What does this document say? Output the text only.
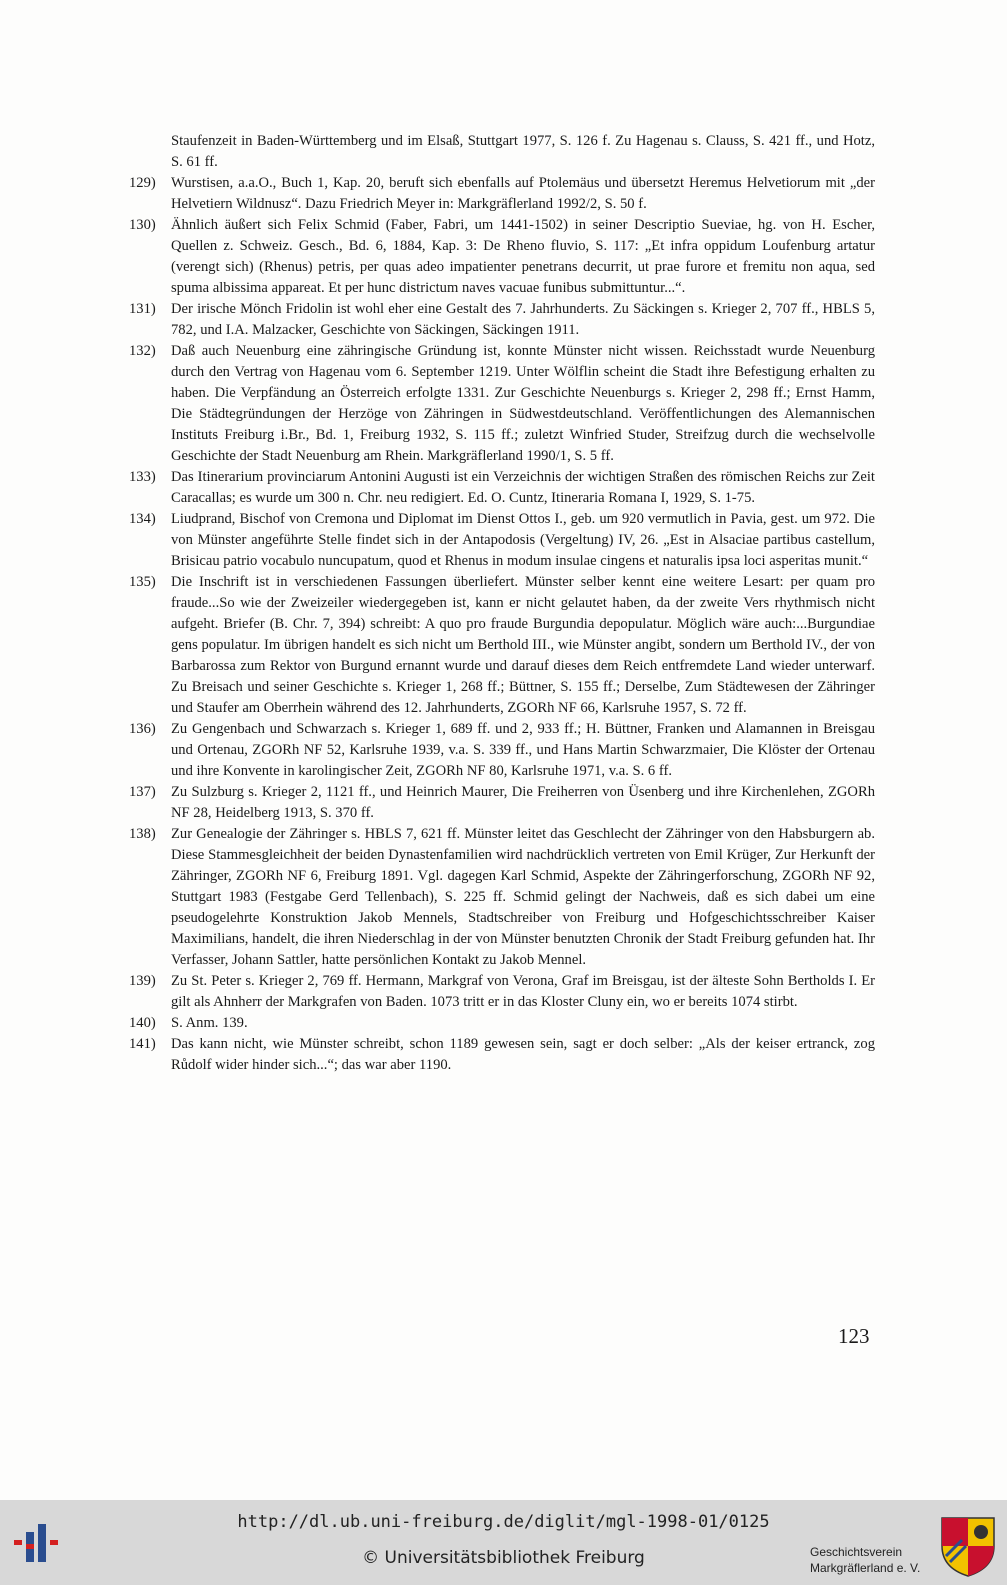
Staufenzeit in Baden-Württemberg und im Elsaß, Stuttgart 1977, S. 126 f. Zu Hagenau s. Clauss, S. 421 ff., und Hotz, S. 61 ff.

129)	Wurstisen, a.a.O., Buch 1, Kap. 20, beruft sich ebenfalls auf Ptolemäus und übersetzt Heremus Helvetiorum mit „der Helvetiern Wildnusz“. Dazu Friedrich Meyer in: Markgräflerland 1992/2, S. 50 f.
130)	Ähnlich äußert sich Felix Schmid (Faber, Fabri, um 1441-1502) in seiner Descriptio Sueviae, hg. von H. Escher, Quellen z. Schweiz. Gesch., Bd. 6, 1884, Kap. 3: De Rheno fluvio, S. 117: „Et infra oppidum Loufenburg artatur (verengt sich) (Rhenus) petris, per quas adeo impatienter penetrans decurrit, ut prae furore et fremitu non aqua, sed spuma albissima appareat. Et per hunc districtum naves vacuae funibus submittuntur...“.
131)	Der irische Mönch Fridolin ist wohl eher eine Gestalt des 7. Jahrhunderts. Zu Säckingen s. Krieger 2, 707 ff., HBLS 5, 782, und I.A. Malzacker, Geschichte von Säckingen, Säckingen 1911.
132)	Daß auch Neuenburg eine zähringische Gründung ist, konnte Münster nicht wissen. Reichsstadt wurde Neuenburg durch den Vertrag von Hagenau vom 6. September 1219. Unter Wölflin scheint die Stadt ihre Befestigung erhalten zu haben. Die Verpfändung an Österreich erfolgte 1331. Zur Geschichte Neuenburgs s. Krieger 2, 298 ff.; Ernst Hamm, Die Städtegründungen der Herzöge von Zähringen in Südwestdeutschland. Veröffentlichungen des Alemannischen Instituts Freiburg i.Br., Bd. 1, Freiburg 1932, S. 115 ff.; zuletzt Winfried Studer, Streifzug durch die wechselvolle Geschichte der Stadt Neuenburg am Rhein. Markgräflerland 1990/1, S. 5 ff.
133)	Das Itinerarium provinciarum Antonini Augusti ist ein Verzeichnis der wichtigen Straßen des römischen Reichs zur Zeit Caracallas; es wurde um 300 n. Chr. neu redigiert. Ed. O. Cuntz, Itineraria Romana I, 1929, S. 1-75.
134)	Liudprand, Bischof von Cremona und Diplomat im Dienst Ottos I., geb. um 920 vermutlich in Pavia, gest. um 972. Die von Münster angeführte Stelle findet sich in der Antapodosis (Vergeltung) IV, 26. „Est in Alsaciae partibus castellum, Brisicau patrio vocabulo nuncupatum, quod et Rhenus in modum insulae cingens et naturalis ipsa loci asperitas munit.“
135)	Die Inschrift ist in verschiedenen Fassungen überliefert. Münster selber kennt eine weitere Lesart: per quam pro fraude...So wie der Zweizeiler wiedergegeben ist, kann er nicht gelautet haben, da der zweite Vers rhythmisch nicht aufgeht. Briefer (B. Chr. 7, 394) schreibt: A quo pro fraude Burgundia depopulatur. Möglich wäre auch:...Burgundiae gens populatur. Im übrigen handelt es sich nicht um Berthold III., wie Münster angibt, sondern um Berthold IV., der von Barbarossa zum Rektor von Burgund ernannt wurde und darauf dieses dem Reich entfremdete Land wieder unterwarf. Zu Breisach und seiner Geschichte s. Krieger 1, 268 ff.; Büttner, S. 155 ff.; Derselbe, Zum Städtewesen der Zähringer und Staufer am Oberrhein während des 12. Jahrhunderts, ZGORh NF 66, Karlsruhe 1957, S. 72 ff.
136)	Zu Gengenbach und Schwarzach s. Krieger 1, 689 ff. und 2, 933 ff.; H. Büttner, Franken und Alamannen in Breisgau und Ortenau, ZGORh NF 52, Karlsruhe 1939, v.a. S. 339 ff., und Hans Martin Schwarzmaier, Die Klöster der Ortenau und ihre Konvente in karolingischer Zeit, ZGORh NF 80, Karlsruhe 1971, v.a. S. 6 ff.
137)	Zu Sulzburg s. Krieger 2, 1121 ff., und Heinrich Maurer, Die Freiherren von Üsenberg und ihre Kirchenlehen, ZGORh NF 28, Heidelberg 1913, S. 370 ff.
138)	Zur Genealogie der Zähringer s. HBLS 7, 621 ff. Münster leitet das Geschlecht der Zähringer von den Habsburgern ab. Diese Stammesgleichheit der beiden Dynastenfamilien wird nachdrücklich vertreten von Emil Krüger, Zur Herkunft der Zähringer, ZGORh NF 6, Freiburg 1891. Vgl. dagegen Karl Schmid, Aspekte der Zähringerforschung, ZGORh NF 92, Stuttgart 1983 (Festgabe Gerd Tellenbach), S. 225 ff. Schmid gelingt der Nachweis, daß es sich dabei um eine pseudogelehrte Konstruktion Jakob Mennels, Stadtschreiber von Freiburg und Hofgeschichtsschreiber Kaiser Maximilians, handelt, die ihren Niederschlag in der von Münster benutzten Chronik der Stadt Freiburg gefunden hat. Ihr Verfasser, Johann Sattler, hatte persönlichen Kontakt zu Jakob Mennel.
139)	Zu St. Peter s. Krieger 2, 769 ff. Hermann, Markgraf von Verona, Graf im Breisgau, ist der älteste Sohn Bertholds I. Er gilt als Ahnherr der Markgrafen von Baden. 1073 tritt er in das Kloster Cluny ein, wo er bereits 1074 stirbt.
140)	S. Anm. 139.
141)	Das kann nicht, wie Münster schreibt, schon 1189 gewesen sein, sagt er doch selber: „Als der keiser ertranck, zog Růdolf wider hinder sich...“; das war aber 1190.
123
http://dl.ub.uni-freiburg.de/diglit/mgl-1998-01/0125
© Universitätsbibliothek Freiburg	Geschichtsverein
Markgräflerland e. V.
